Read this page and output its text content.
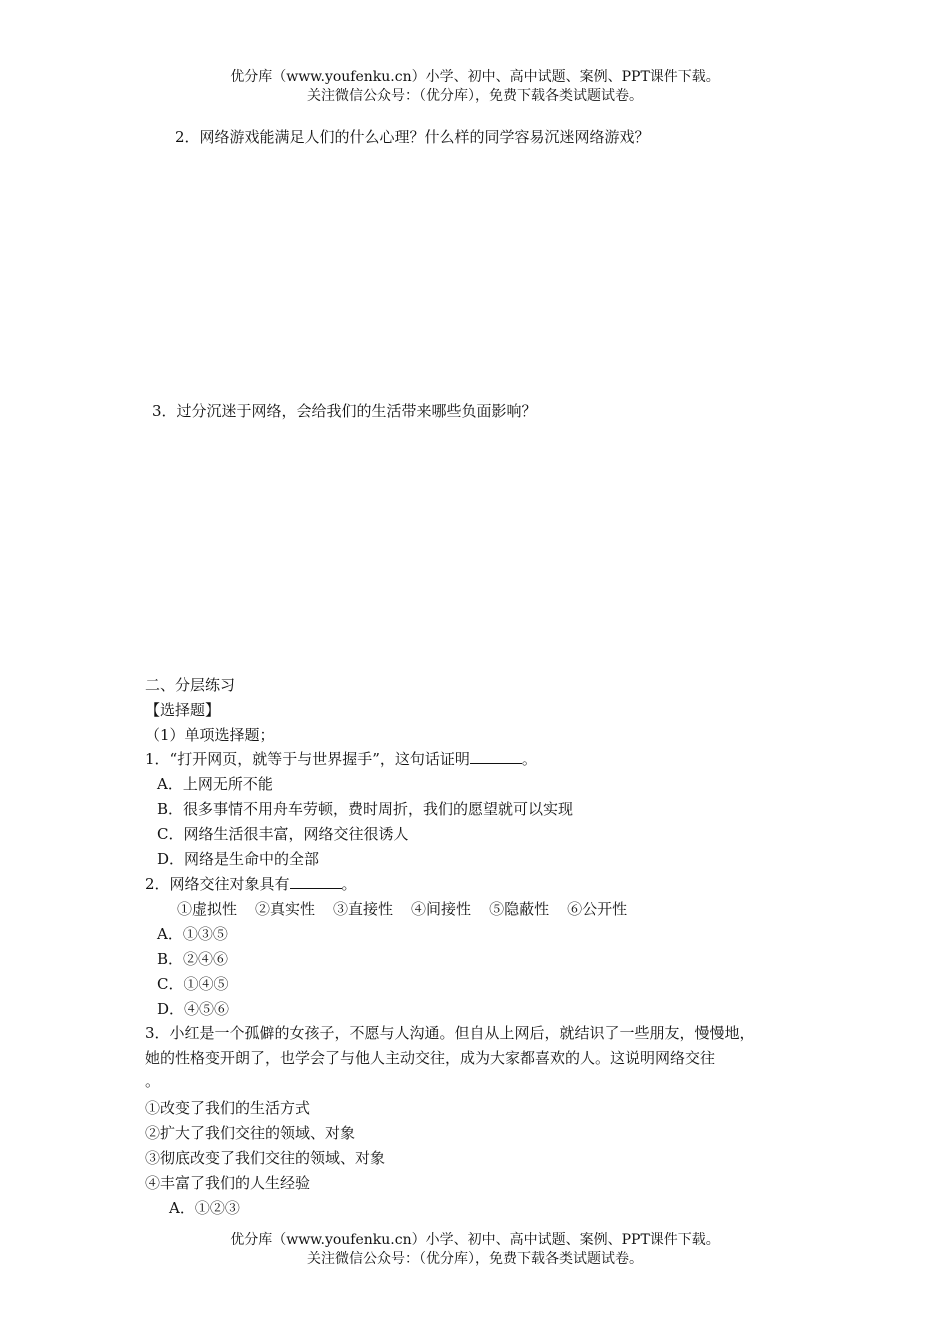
优分库（www.youfenku.cn）小学、初中、高中试题、案例、PPT课件下载。
关注微信公众号：（优分库），免费下载各类试题试卷。
2．网络游戏能满足人们的什么心理？什么样的同学容易沉迷网络游戏？
3．过分沉迷于网络，会给我们的生活带来哪些负面影响？
二、分层练习
【选择题】
（1）单项选择题；
1．“打开网页，就等于与世界握手”，这句话证明	。
A．上网无所不能
B．很多事情不用舟车劳顿，费时周折，我们的愿望就可以实现
C．网络生活很丰富，网络交往很诱人
D．网络是生命中的全部
2．网络交往对象具有	。
①虚拟性 ②真实性 ③直接性 ④间接性 ⑤隐蔽性 ⑥公开性
A．①③⑤
B．②④⑥
C．①④⑤
D．④⑤⑥
3．小红是一个孤僻的女孩子，不愿与人沟通。但自从上网后，就结识了一些朋友，慢慢地，
她的性格变开朗了，也学会了与他人主动交往，成为大家都喜欢的人。这说明网络交往
。
①改变了我们的生活方式
②扩大了我们交往的领域、对象
③彻底改变了我们交往的领域、对象
④丰富了我们的人生经验
A．①②③
优分库（www.youfenku.cn）小学、初中、高中试题、案例、PPT课件下载。
关注微信公众号：（优分库），免费下载各类试题试卷。
